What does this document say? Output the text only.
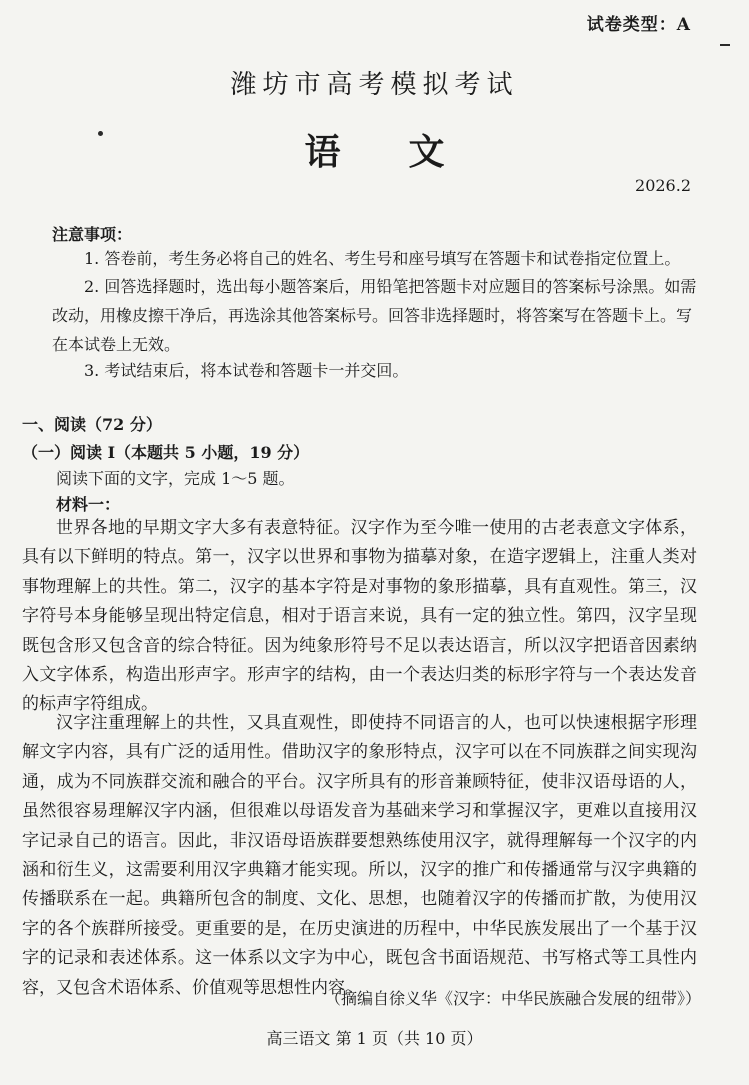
试卷类型：A
潍坊市高考模拟考试
语文
2026.2
注意事项：
1. 答卷前，考生务必将自己的姓名、考生号和座号填写在答题卡和试卷指定位置上。
2. 回答选择题时，选出每小题答案后，用铅笔把答题卡对应题目的答案标号涂黑。如需改动，用橡皮擦干净后，再选涂其他答案标号。回答非选择题时，将答案写在答题卡上。写在本试卷上无效。
3. 考试结束后，将本试卷和答题卡一并交回。
一、阅读（72 分）
（一）阅读 I（本题共 5 小题，19 分）
阅读下面的文字，完成 1～5 题。
材料一：
世界各地的早期文字大多有表意特征。汉字作为至今唯一使用的古老表意文字体系，具有以下鲜明的特点。第一，汉字以世界和事物为描摹对象，在造字逻辑上，注重人类对事物理解上的共性。第二，汉字的基本字符是对事物的象形描摹，具有直观性。第三，汉字符号本身能够呈现出特定信息，相对于语言来说，具有一定的独立性。第四，汉字呈现既包含形又包含音的综合特征。因为纯象形符号不足以表达语言，所以汉字把语音因素纳入文字体系，构造出形声字。形声字的结构，由一个表达归类的标形字符与一个表达发音的标声字符组成。
汉字注重理解上的共性，又具直观性，即使持不同语言的人，也可以快速根据字形理解文字内容，具有广泛的适用性。借助汉字的象形特点，汉字可以在不同族群之间实现沟通，成为不同族群交流和融合的平台。汉字所具有的形音兼顾特征，使非汉语母语的人，虽然很容易理解汉字内涵，但很难以母语发音为基础来学习和掌握汉字，更难以直接用汉字记录自己的语言。因此，非汉语母语族群要想熟练使用汉字，就得理解每一个汉字的内涵和衍生义，这需要利用汉字典籍才能实现。所以，汉字的推广和传播通常与汉字典籍的传播联系在一起。典籍所包含的制度、文化、思想，也随着汉字的传播而扩散，为使用汉字的各个族群所接受。更重要的是，在历史演进的历程中，中华民族发展出了一个基于汉字的记录和表述体系。这一体系以文字为中心，既包含书面语规范、书写格式等工具性内容，又包含术语体系、价值观等思想性内容。
（摘编自徐义华《汉字：中华民族融合发展的纽带》）
高三语文 第 1 页（共 10 页）
